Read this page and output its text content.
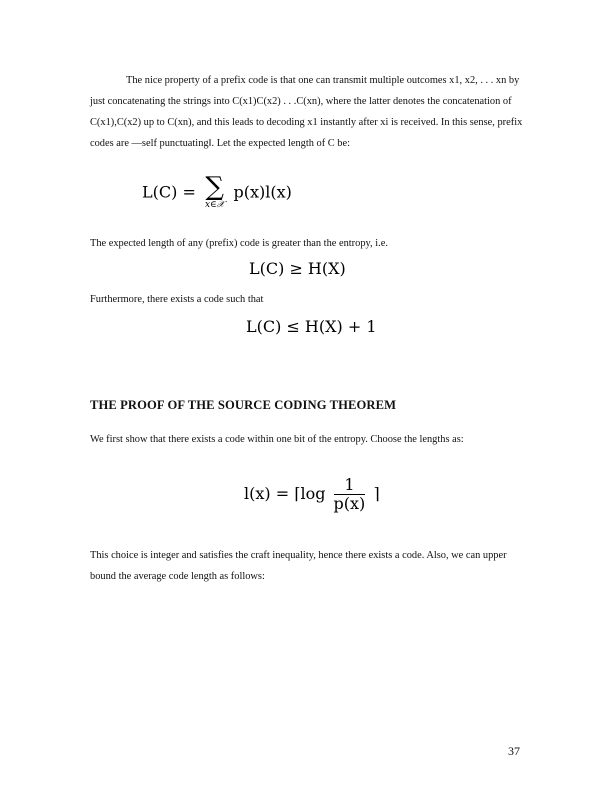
The nice property of a prefix code is that one can transmit multiple outcomes x1, x2, . . . xn by just concatenating the strings into C(x1)C(x2) . . .C(xn), where the latter denotes the concatenation of C(x1),C(x2) up to C(xn), and this leads to decoding x1 instantly after xi is received. In this sense, prefix codes are —self punctuating‖. Let the expected length of C be:
L(C) = ∑
x∈𝒳
p(x)l(x)
The expected length of any (prefix) code is greater than the entropy, i.e.
L(C) ≥ H(X)
Furthermore, there exists a code such that
L(C) ≤ H(X) + 1
THE PROOF OF THE SOURCE CODING THEOREM
We first show that there exists a code within one bit of the entropy. Choose the lengths as:
l(x) = ⌈log $\frac{1}{p(x)}$ ⌉
This choice is integer and satisfies the craft inequality, hence there exists a code. Also, we can upper bound the average code length as follows:
37
